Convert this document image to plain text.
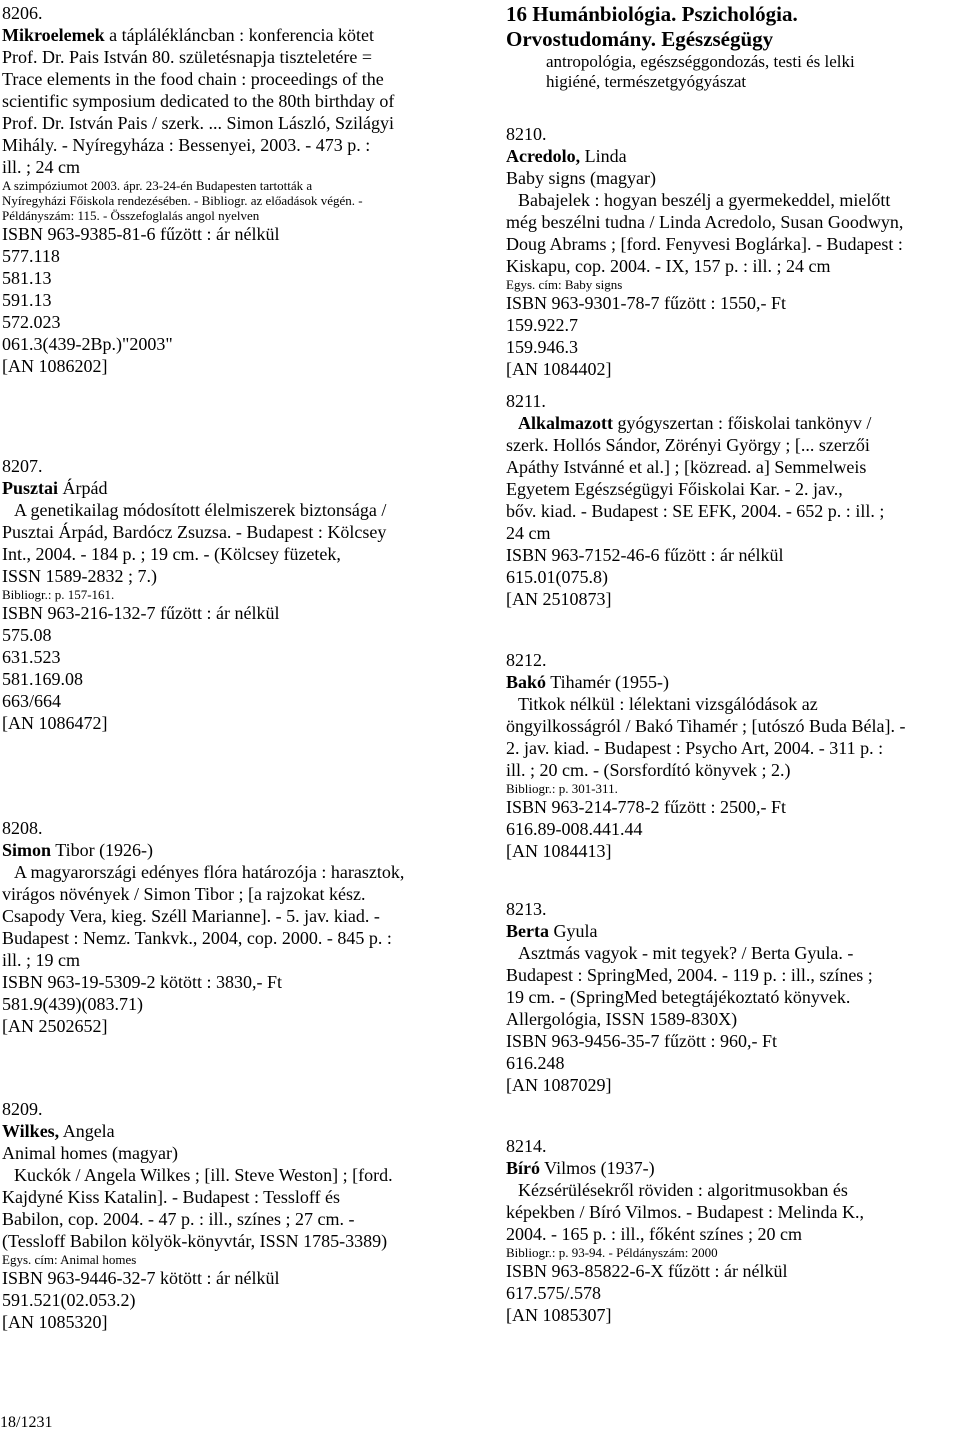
8206.
Mikroelemek a táplálékláncban : konferencia kötet
Prof. Dr. Pais István 80. születésnapja tiszteletére =
Trace elements in the food chain : proceedings of the
scientific symposium dedicated to the 80th birthday of
Prof. Dr. István Pais / szerk. ... Simon László, Szilágyi
Mihály. - Nyíregyháza : Bessenyei, 2003. - 473 p. :
ill. ; 24 cm
A szimpóziumot 2003. ápr. 23-24-én Budapesten tartották a
Nyíregyházi Főiskola rendezésében. - Bibliogr. az előadások végén. -
Példányszám: 115. - Összefoglalás angol nyelven
ISBN 963-9385-81-6 fűzött : ár nélkül
577.118
581.13
591.13
572.023
061.3(439-2Bp.)"2003"
[AN 1086202]
8207.
Pusztai Árpád
A genetikailag módosított élelmiszerek biztonsága /
Pusztai Árpád, Bardócz Zsuzsa. - Budapest : Kölcsey
Int., 2004. - 184 p. ; 19 cm. - (Kölcsey füzetek,
ISSN 1589-2832 ; 7.)
Bibliogr.: p. 157-161.
ISBN 963-216-132-7 fűzött : ár nélkül
575.08
631.523
581.169.08
663/664
[AN 1086472]
8208.
Simon Tibor (1926-)
A magyarországi edényes flóra határozója : harasztok,
virágos növények / Simon Tibor ; [a rajzokat kész.
Csapody Vera, kieg. Széll Marianne]. - 5. jav. kiad. -
Budapest : Nemz. Tankvk., 2004, cop. 2000. - 845 p. :
ill. ; 19 cm
ISBN 963-19-5309-2 kötött : 3830,- Ft
581.9(439)(083.71)
[AN 2502652]
8209.
Wilkes, Angela
Animal homes (magyar)
Kuckók / Angela Wilkes ; [ill. Steve Weston] ; [ford.
Kajdyné Kiss Katalin]. - Budapest : Tessloff és
Babilon, cop. 2004. - 47 p. : ill., színes ; 27 cm. -
(Tessloff Babilon kölyök-könyvtár, ISSN 1785-3389)
Egys. cím: Animal homes
ISBN 963-9446-32-7 kötött : ár nélkül
591.521(02.053.2)
[AN 1085320]
16 Humánbiológia. Pszichológia.
Orvostudomány. Egészségügy
antropológia, egészséggondozás, testi és lelki
higiéné, természetgyógyászat
8210.
Acredolo, Linda
Baby signs (magyar)
Babajelek : hogyan beszélj a gyermekeddel, mielőtt
még beszélni tudna / Linda Acredolo, Susan Goodwyn,
Doug Abrams ; [ford. Fenyvesi Boglárka]. - Budapest :
Kiskapu, cop. 2004. - IX, 157 p. : ill. ; 24 cm
Egys. cím: Baby signs
ISBN 963-9301-78-7 fűzött : 1550,- Ft
159.922.7
159.946.3
[AN 1084402]
8211.
Alkalmazott gyógyszertan : főiskolai tankönyv /
szerk. Hollós Sándor, Zörényi György ; [... szerzői
Apáthy Istvánné et al.] ; [közread. a] Semmelweis
Egyetem Egészségügyi Főiskolai Kar. - 2. jav.,
bőv. kiad. - Budapest : SE EFK, 2004. - 652 p. : ill. ;
24 cm
ISBN 963-7152-46-6 fűzött : ár nélkül
615.01(075.8)
[AN 2510873]
8212.
Bakó Tihamér (1955-)
Titkok nélkül : lélektani vizsgálódások az
öngyilkosságról / Bakó Tihamér ; [utószó Buda Béla]. -
2. jav. kiad. - Budapest : Psycho Art, 2004. - 311 p. :
ill. ; 20 cm. - (Sorsfordító könyvek ; 2.)
Bibliogr.: p. 301-311.
ISBN 963-214-778-2 fűzött : 2500,- Ft
616.89-008.441.44
[AN 1084413]
8213.
Berta Gyula
Asztmás vagyok - mit tegyek? / Berta Gyula. -
Budapest : SpringMed, 2004. - 119 p. : ill., színes ;
19 cm. - (SpringMed betegtájékoztató könyvek.
Allergológia, ISSN 1589-830X)
ISBN 963-9456-35-7 fűzött : 960,- Ft
616.248
[AN 1087029]
8214.
Bíró Vilmos (1937-)
Kézsérülésekről röviden : algoritmusokban és
képekben / Bíró Vilmos. - Budapest : Melinda K.,
2004. - 165 p. : ill., főként színes ; 20 cm
Bibliogr.: p. 93-94. - Példányszám: 2000
ISBN 963-85822-6-X fűzött : ár nélkül
617.575/.578
[AN 1085307]
18/1231
